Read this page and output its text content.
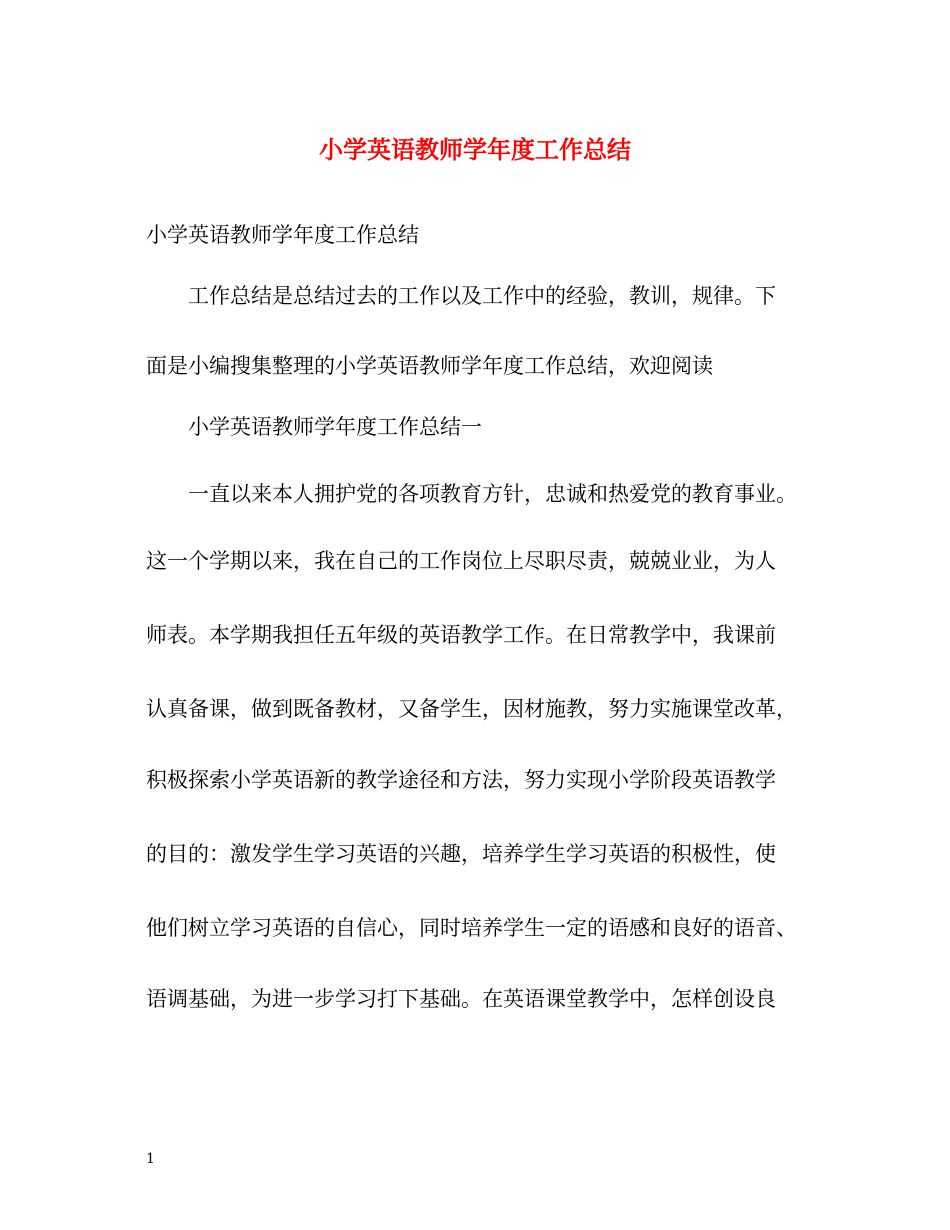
小学英语教师学年度工作总结
小学英语教师学年度工作总结
工作总结是总结过去的工作以及工作中的经验，教训，规律。下
面是小编搜集整理的小学英语教师学年度工作总结，欢迎阅读
小学英语教师学年度工作总结一
一直以来本人拥护党的各项教育方针，忠诚和热爱党的教育事业。
这一个学期以来，我在自己的工作岗位上尽职尽责，兢兢业业，为人
师表。本学期我担任五年级的英语教学工作。在日常教学中，我课前
认真备课，做到既备教材，又备学生，因材施教，努力实施课堂改革，
积极探索小学英语新的教学途径和方法，努力实现小学阶段英语教学
的目的：激发学生学习英语的兴趣，培养学生学习英语的积极性，使
他们树立学习英语的自信心，同时培养学生一定的语感和良好的语音、
语调基础，为进一步学习打下基础。在英语课堂教学中，怎样创设良
1
